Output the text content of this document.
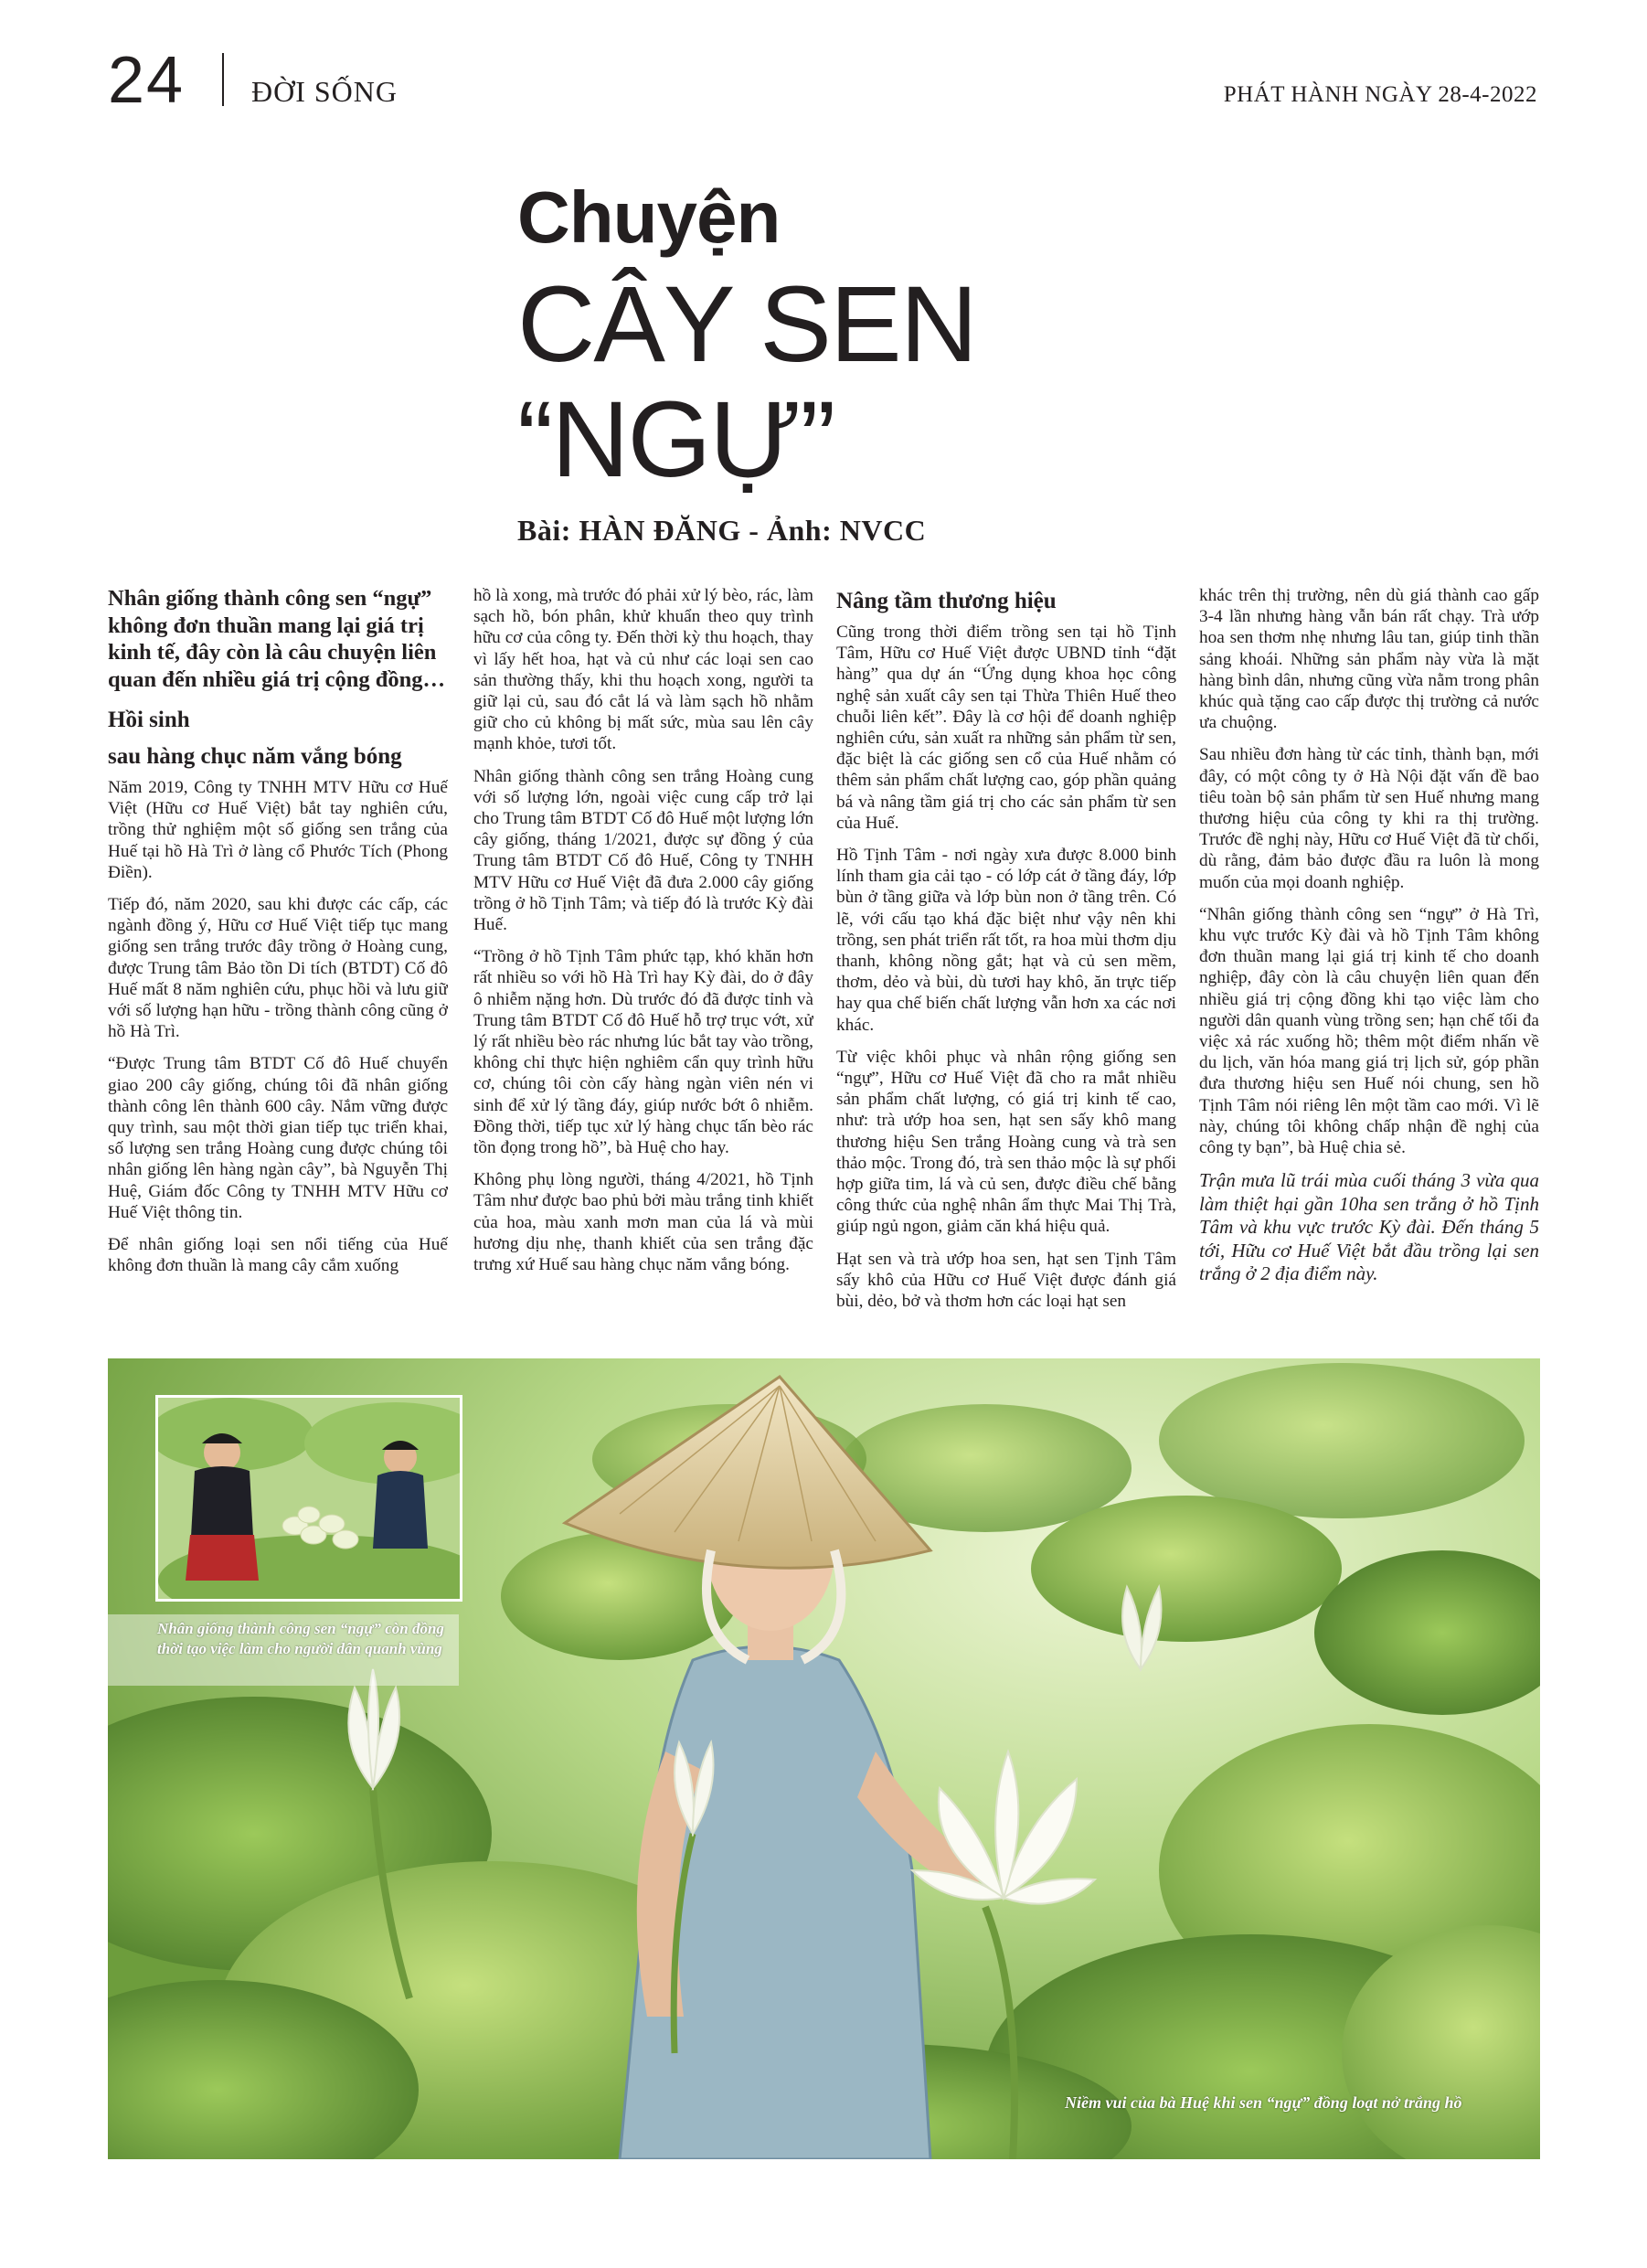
24 ĐỜI SỐNG	PHÁT HÀNH NGÀY 28-4-2022
Chuyện
CÂY SEN
“NGỰ”
Bài: HÀN ĐĂNG - Ảnh: NVCC

Nhân giống thành công sen “ngự” không đơn thuần mang lại giá trị kinh tế, đây còn là câu chuyện liên quan đến nhiều giá trị cộng đồng…

Hồi sinh
sau hàng chục năm vắng bóng

Năm 2019, Công ty TNHH MTV Hữu cơ Huế Việt (Hữu cơ Huế Việt) bắt tay nghiên cứu, trồng thử nghiệm một số giống sen trắng của Huế tại hồ Hà Trì ở làng cổ Phước Tích (Phong Điền).

Tiếp đó, năm 2020, sau khi được các cấp, các ngành đồng ý, Hữu cơ Huế Việt tiếp tục mang giống sen trắng trước đây trồng ở Hoàng cung, được Trung tâm Bảo tồn Di tích (BTDT) Cố đô Huế mất 8 năm nghiên cứu, phục hồi và lưu giữ với số lượng hạn hữu - trồng thành công cũng ở hồ Hà Trì.

“Được Trung tâm BTDT Cố đô Huế chuyển giao 200 cây giống, chúng tôi đã nhân giống thành công lên thành 600 cây. Nắm vững được quy trình, sau một thời gian tiếp tục triển khai, số lượng sen trắng Hoàng cung được chúng tôi nhân giống lên hàng ngàn cây”, bà Nguyễn Thị Huệ, Giám đốc Công ty TNHH MTV Hữu cơ Huế Việt thông tin.

Để nhân giống loại sen nổi tiếng của Huế không đơn thuần là mang cây cắm xuống

hồ là xong, mà trước đó phải xử lý bèo, rác, làm sạch hồ, bón phân, khử khuẩn theo quy trình hữu cơ của công ty. Đến thời kỳ thu hoạch, thay vì lấy hết hoa, hạt và củ như các loại sen cao sản thường thấy, khi thu hoạch xong, người ta giữ lại củ, sau đó cắt lá và làm sạch hồ nhằm giữ cho củ không bị mất sức, mùa sau lên cây mạnh khỏe, tươi tốt.

Nhân giống thành công sen trắng Hoàng cung với số lượng lớn, ngoài việc cung cấp trở lại cho Trung tâm BTDT Cố đô Huế một lượng lớn cây giống, tháng 1/2021, được sự đồng ý của Trung tâm BTDT Cố đô Huế, Công ty TNHH MTV Hữu cơ Huế Việt đã đưa 2.000 cây giống trồng ở hồ Tịnh Tâm; và tiếp đó là trước Kỳ đài Huế.

“Trồng ở hồ Tịnh Tâm phức tạp, khó khăn hơn rất nhiều so với hồ Hà Trì hay Kỳ đài, do ở đây ô nhiễm nặng hơn. Dù trước đó đã được tỉnh và Trung tâm BTDT Cố đô Huế hỗ trợ trục vớt, xử lý rất nhiều bèo rác nhưng lúc bắt tay vào trồng, không chỉ thực hiện nghiêm cẩn quy trình hữu cơ, chúng tôi còn cấy hàng ngàn viên nén vi sinh để xử lý tầng đáy, giúp nước bớt ô nhiễm. Đồng thời, tiếp tục xử lý hàng chục tấn bèo rác tồn đọng trong hồ”, bà Huệ cho hay.

Không phụ lòng người, tháng 4/2021, hồ Tịnh Tâm như được bao phủ bởi màu trắng tinh khiết của hoa, màu xanh mơn man của lá và mùi hương dịu nhẹ, thanh khiết của sen trắng đặc trưng xứ Huế sau hàng chục năm vắng bóng.

Nâng tầm thương hiệu

Cũng trong thời điểm trồng sen tại hồ Tịnh Tâm, Hữu cơ Huế Việt được UBND tỉnh “đặt hàng” qua dự án “Ứng dụng khoa học công nghệ sản xuất cây sen tại Thừa Thiên Huế theo chuỗi liên kết”. Đây là cơ hội để doanh nghiệp nghiên cứu, sản xuất ra những sản phẩm từ sen, đặc biệt là các giống sen cổ của Huế nhằm có thêm sản phẩm chất lượng cao, góp phần quảng bá và nâng tầm giá trị cho các sản phẩm từ sen của Huế.

Hồ Tịnh Tâm - nơi ngày xưa được 8.000 binh lính tham gia cải tạo - có lớp cát ở tầng đáy, lớp bùn ở tầng giữa và lớp bùn non ở tầng trên. Có lẽ, với cấu tạo khá đặc biệt như vậy nên khi trồng, sen phát triển rất tốt, ra hoa mùi thơm dịu thanh, không nồng gắt; hạt và củ sen mềm, thơm, dẻo và bùi, dù tươi hay khô, ăn trực tiếp hay qua chế biến chất lượng vẫn hơn xa các nơi khác.

Từ việc khôi phục và nhân rộng giống sen “ngự”, Hữu cơ Huế Việt đã cho ra mắt nhiều sản phẩm chất lượng, có giá trị kinh tế cao, như: trà ướp hoa sen, hạt sen sấy khô mang thương hiệu Sen trắng Hoàng cung và trà sen thảo mộc. Trong đó, trà sen thảo mộc là sự phối hợp giữa tim, lá và củ sen, được điều chế bằng công thức của nghệ nhân ẩm thực Mai Thị Trà, giúp ngủ ngon, giảm căn khá hiệu quả.

Hạt sen và trà ướp hoa sen, hạt sen Tịnh Tâm sấy khô của Hữu cơ Huế Việt được đánh giá bùi, dẻo, bở và thơm hơn các loại hạt sen

khác trên thị trường, nên dù giá thành cao gấp 3-4 lần nhưng hàng vẫn bán rất chạy. Trà ướp hoa sen thơm nhẹ nhưng lâu tan, giúp tinh thần sảng khoái. Những sản phẩm này vừa là mặt hàng bình dân, nhưng cũng vừa nằm trong phân khúc quà tặng cao cấp được thị trường cả nước ưa chuộng.

Sau nhiều đơn hàng từ các tỉnh, thành bạn, mới đây, có một công ty ở Hà Nội đặt vấn đề bao tiêu toàn bộ sản phẩm từ sen Huế nhưng mang thương hiệu của công ty khi ra thị trường. Trước đề nghị này, Hữu cơ Huế Việt đã từ chối, dù rằng, đảm bảo được đầu ra luôn là mong muốn của mọi doanh nghiệp.

“Nhân giống thành công sen “ngự” ở Hà Trì, khu vực trước Kỳ đài và hồ Tịnh Tâm không đơn thuần mang lại giá trị kinh tế cho doanh nghiệp, đây còn là câu chuyện liên quan đến nhiều giá trị cộng đồng khi tạo việc làm cho người dân quanh vùng trồng sen; hạn chế tối đa việc xả rác xuống hồ; thêm một điểm nhấn về du lịch, văn hóa mang giá trị lịch sử, góp phần đưa thương hiệu sen Huế nói chung, sen hồ Tịnh Tâm nói riêng lên một tầm cao mới. Vì lẽ này, chúng tôi không chấp nhận đề nghị của công ty bạn”, bà Huệ chia sẻ.

Trận mưa lũ trái mùa cuối tháng 3 vừa qua làm thiệt hại gần 10ha sen trắng ở hồ Tịnh Tâm và khu vực trước Kỳ đài. Đến tháng 5 tới, Hữu cơ Huế Việt bắt đầu trồng lại sen trắng ở 2 địa điểm này.

Nhân giống thành công sen “ngự” còn đồng thời tạo việc làm cho người dân quanh vùng
Niềm vui của bà Huệ khi sen “ngự” đồng loạt nở trắng hồ
